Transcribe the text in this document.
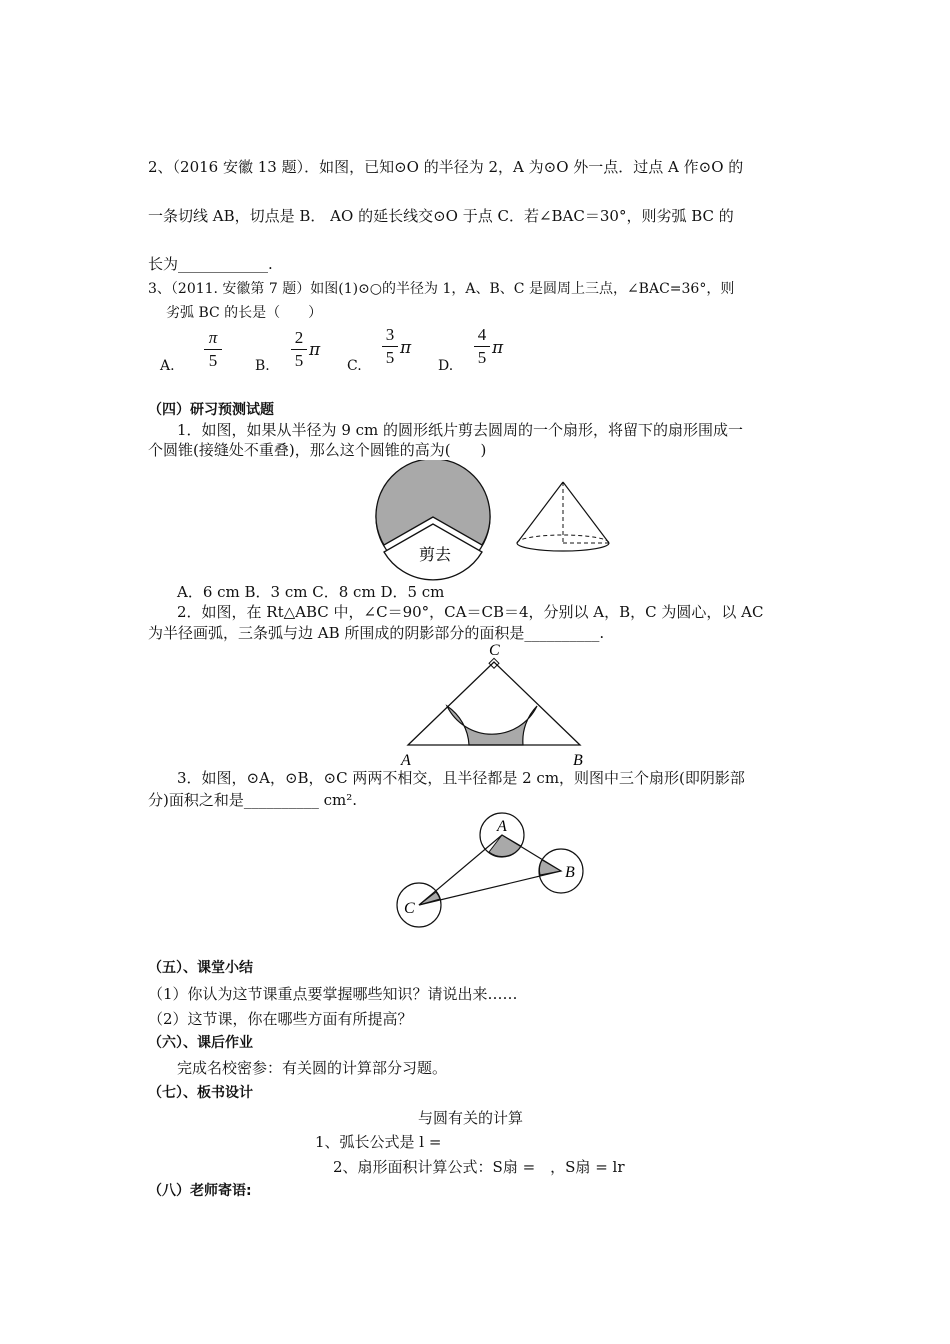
2、（2016 安徽 13 题）．如图，已知⊙O 的半径为 2，A 为⊙O 外一点．过点 A 作⊙O 的
一条切线 AB，切点是 B． AO 的延长线交⊙O 于点 C．若∠BAC＝30°，则劣弧 BC 的
长为____________.
3、（2011. 安徽第 7 题）如图(1)⊙○的半径为 1，A、B、C 是圆周上三点，∠BAC=36°，则
劣弧 BC 的长是（　　）
A.
π
5	B.
2
5
π
C.
3
5 π
D.
4
5 π
（四）研习预测试题
1．如图，如果从半径为 9 cm 的圆形纸片剪去圆周的一个扇形，将留下的扇形围成一
个圆锥(接缝处不重叠)，那么这个圆锥的高为(　　)
剪去
A．6 cm B．3 cm C．8 cm D．5 cm
2．如图，在 Rt△ABC 中，∠C＝90°，CA＝CB＝4，分别以 A，B，C 为圆心，以 AC
为半径画弧，三条弧与边 AB 所围成的阴影部分的面积是__________.
C
A	B
3．如图，⊙A，⊙B，⊙C 两两不相交，且半径都是 2 cm，则图中三个扇形(即阴影部
分)面积之和是__________ cm².
A
B
C
（五）、课堂小结
（1）你认为这节课重点要掌握哪些知识？请说出来……
（2）这节课，你在哪些方面有所提高？
（六）、课后作业
完成名校密参：有关圆的计算部分习题。
（七）、板书设计
与圆有关的计算
1、弧长公式是 l =
2、扇形面积计算公式：S扇 =　，S扇 = lr
（八）老师寄语:
